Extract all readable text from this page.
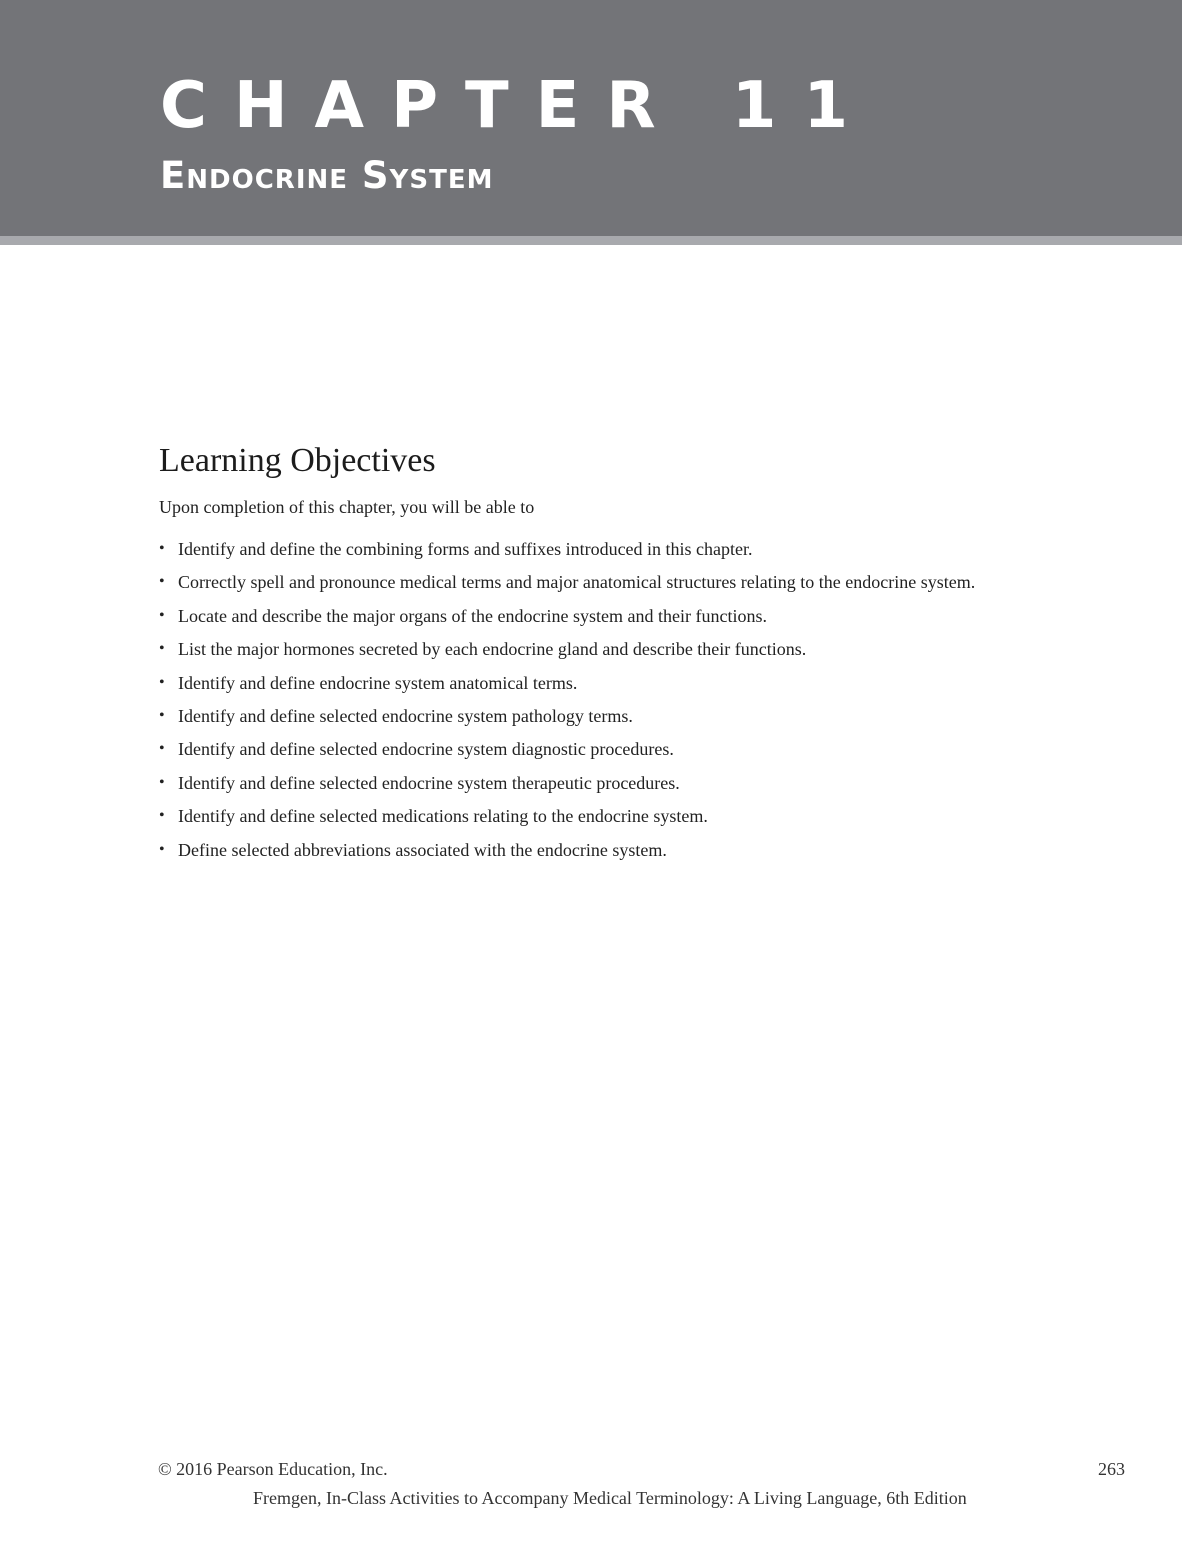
CHAPTER 11
Endocrine System
Learning Objectives

Upon completion of this chapter, you will be able to

• Identify and define the combining forms and suffixes introduced in this chapter.
• Correctly spell and pronounce medical terms and major anatomical structures relating to the endocrine system.
• Locate and describe the major organs of the endocrine system and their functions.
• List the major hormones secreted by each endocrine gland and describe their functions.
• Identify and define endocrine system anatomical terms.
• Identify and define selected endocrine system pathology terms.
• Identify and define selected endocrine system diagnostic procedures.
• Identify and define selected endocrine system therapeutic procedures.
• Identify and define selected medications relating to the endocrine system.
• Define selected abbreviations associated with the endocrine system.
© 2016 Pearson Education, Inc.	263
Fremgen, In-Class Activities to Accompany Medical Terminology: A Living Language, 6th Edition
